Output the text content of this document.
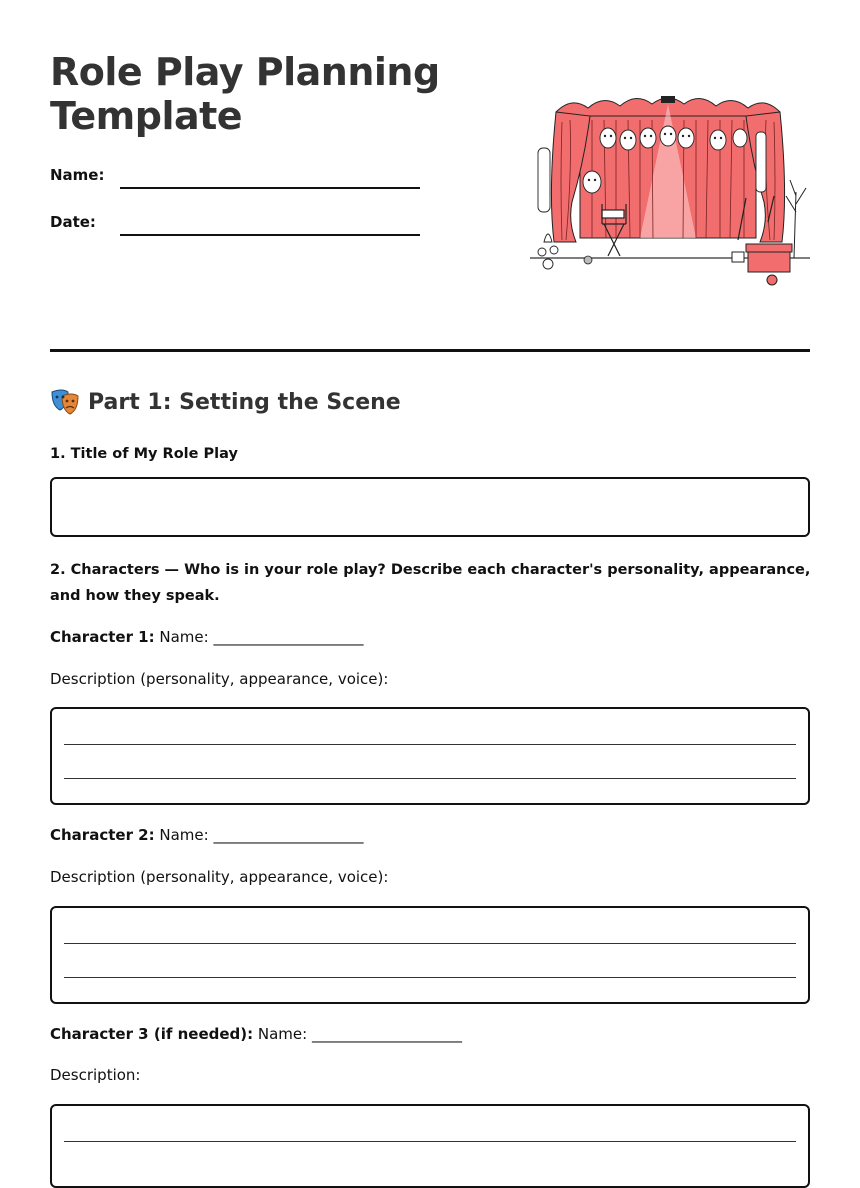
Role Play Planning
Template
Name:
Date:
Part 1: Setting the Scene
1. Title of My Role Play
2. Characters — Who is in your role play? Describe each character's personality, appearance, and how they speak.
Character 1: Name: ____________________
Description (personality, appearance, voice):
Character 2: Name: ____________________
Description (personality, appearance, voice):
Character 3 (if needed): Name: ____________________
Description:
